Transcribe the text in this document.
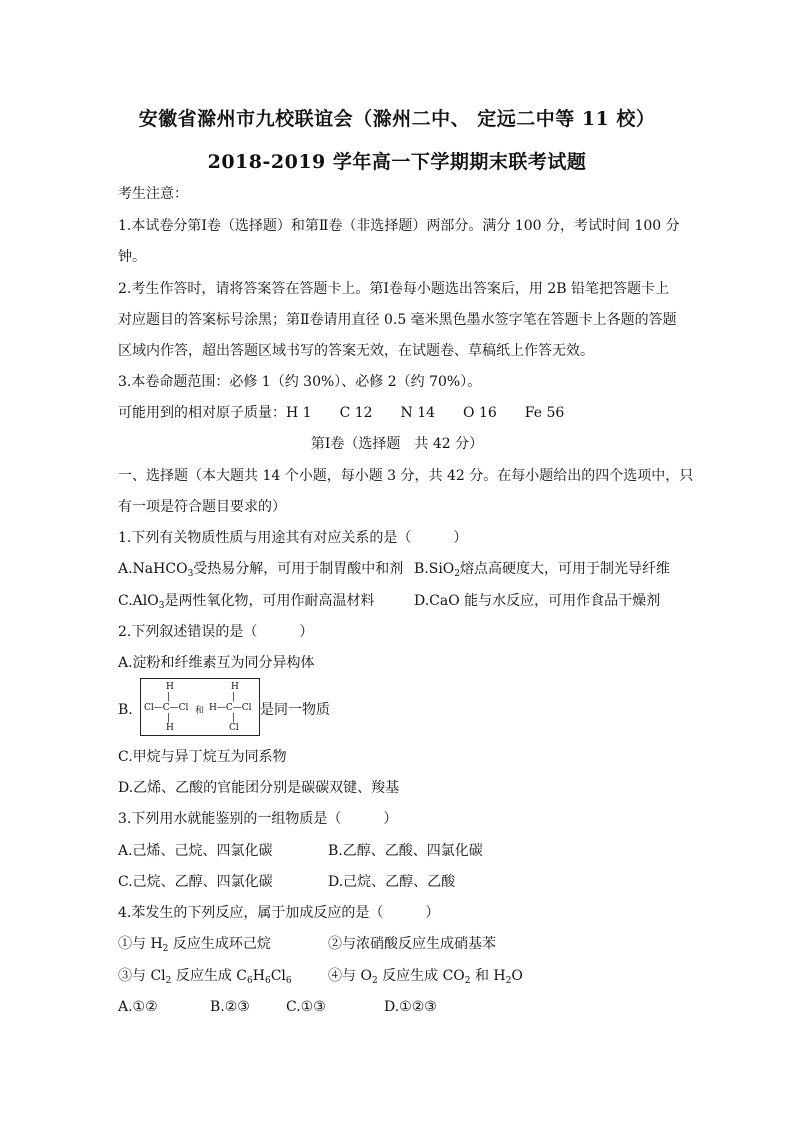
安徽省滁州市九校联谊会（滁州二中、 定远二中等 11 校）
2018-2019 学年高一下学期期末联考试题
考生注意：
1.本试卷分第Ⅰ卷（选择题）和第Ⅱ卷（非选择题）两部分。满分 100 分，考试时间 100 分
钟。
2.考生作答时，请将答案答在答题卡上。第Ⅰ卷每小题选出答案后，用 2B 铅笔把答题卡上
对应题目的答案标号涂黑；第Ⅱ卷请用直径 0.5 毫米黑色墨水签字笔在答题卡上各题的答题
区域内作答，超出答题区域书写的答案无效，在试题卷、草稿纸上作答无效。
3.本卷命题范围：必修 1（约 30%）、必修 2（约 70%）。
可能用到的相对原子质量：H 1　　C 12　　N 14　　O 16　　Fe 56
第Ⅰ卷（选择题　共 42 分）
一、选择题（本大题共 14 个小题，每小题 3 分，共 42 分。在每小题给出的四个选项中，只
有一项是符合题目要求的）
1.下列有关物质性质与用途其有对应关系的是（　　　）
A.NaHCO$_3$受热易分解，可用于制胃酸中和剂 B.SiO$_2$熔点高硬度大，可用于制光导纤维
C.AlO$_3$是两性氧化物，可用作耐高温材料	D.CaO 能与水反应，可用作食品干燥剂
2.下列叙述错误的是（　　　）
A.淀粉和纤维素互为同分异构体
B.
H
|
Cl—C—Cl
|
H
和
H
|
H—C—Cl
|
Cl
是同一物质
C.甲烷与异丁烷互为同系物
D.乙烯、乙酸的官能团分别是碳碳双键、羧基
3.下列用水就能鉴别的一组物质是（　　　）
A.己烯、己烷、四氯化碳	B.乙醇、乙酸、四氯化碳
C.己烷、乙醇、四氯化碳	D.己烷、乙醇、乙酸
4.苯发生的下列反应，属于加成反应的是（　　　）
①与 $H_2$ 反应生成环己烷	②与浓硝酸反应生成硝基苯
③与 $Cl_2$ 反应生成 $C_6H_6Cl_6$	④与 $O_2$ 反应生成 $CO_2$ 和 $H_2O$
A.①②	B.②③	C.①③	D.①②③
